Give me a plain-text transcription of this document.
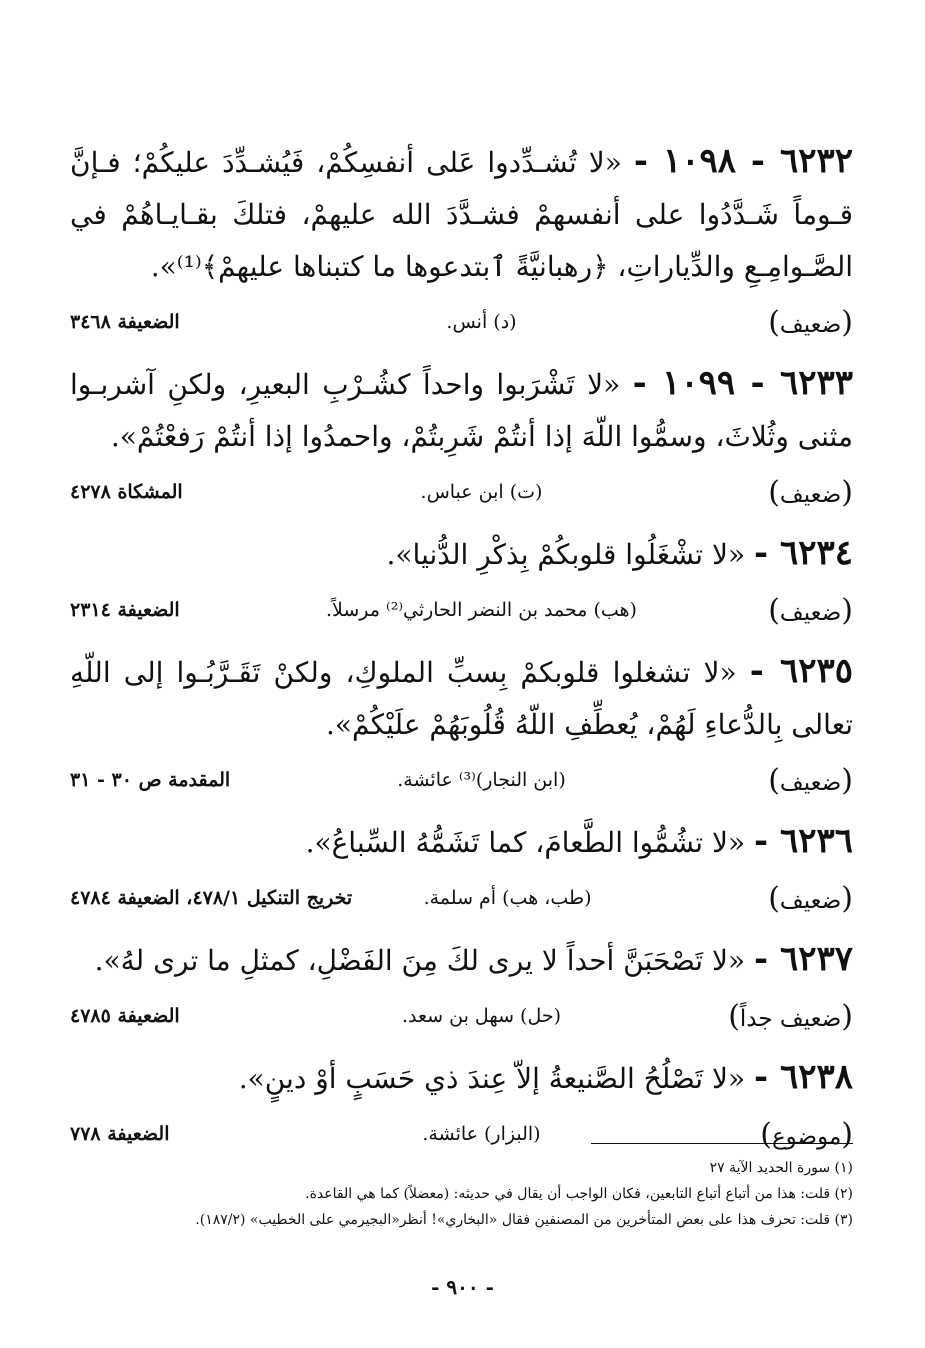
٦٢٣٢ - ١٠٩٨ - «لا تُشـدِّدوا عَلى أنفسِكُمْ، فَيُشـدِّدَ عليكُمْ؛ فـإنَّ قـوماً شَـدَّدُوا على أنفسهمْ فشـدَّدَ الله عليهمْ، فتلكَ بقـايـاهُمْ في الصَّـوامِـعِ والدِّياراتِ، ﴿رهبانيَّةً ٱبتدعوها ما كتبناها عليهمْ﴾⁽¹⁾».

(ضعيف)
(د) أنس.
الضعيفة ٣٤٦٨

٦٢٣٣ - ١٠٩٩ - «لا تَشْرَبوا واحداً كشُـرْبِ البعيرِ، ولكنِ آشربـوا مثنى وثُلاثَ، وسمُّوا اللّهَ إذا أنتُمْ شَرِبتُمْ، واحمدُوا إذا أنتُمْ رَفعْتُمْ».

(ضعيف)
(ت) ابن عباس.
المشكاة ٤٢٧٨

٦٢٣٤ - «لا تشْغَلُوا قلوبكُمْ بِذكْرِ الدُّنيا».

(ضعيف)
(هب) محمد بن النضر الحارثي⁽²⁾ مرسلاً.
الضعيفة ٢٣١٤

٦٢٣٥ - «لا تشغلوا قلوبكمْ بِسبِّ الملوكِ، ولكنْ تَقَـرَّبُـوا إلى اللّهِ تعالى بِالدُّعاءِ لَهُمْ، يُعطِّفِ اللّهُ قُلُوبَهُمْ علَيْكُمْ».

(ضعيف)
(ابن النجار)⁽³⁾ عائشة.
المقدمة ص ٣٠ - ٣١

٦٢٣٦ - «لا تشُمُّوا الطَّعامَ، كما تَشَمُّهُ السِّباعُ».

(ضعيف)
(طب، هب) أم سلمة.
تخريج التنكيل ٤٧٨/١، الضعيفة ٤٧٨٤

٦٢٣٧ - «لا تَصْحَبَنَّ أحداً لا يرى لكَ مِنَ الفَضْلِ، كمثلِ ما ترى لهُ».

(ضعيف جداً)
(حل) سهل بن سعد.
الضعيفة ٤٧٨٥

٦٢٣٨ - «لا تَصْلُحُ الصَّنيعةُ إلاّ عِندَ ذي حَسَبٍ أوْ دينٍ».

(موضوع)
(البزار) عائشة.
الضعيفة ٧٧٨
(١) سورة الحديد الآية ٢٧
(٢) قلت: هذا من أتباع أتباع التابعين، فكان الواجب أن يقال في حديثه: (معضلاً) كما هي القاعدة.
(٣) قلت: تحرف هذا على بعض المتأخرين من المصنفين فقال «البخاري»! أنظر«البجيرمي على الخطيب» (١٨٧/٢).
- ٩٠٠ -
